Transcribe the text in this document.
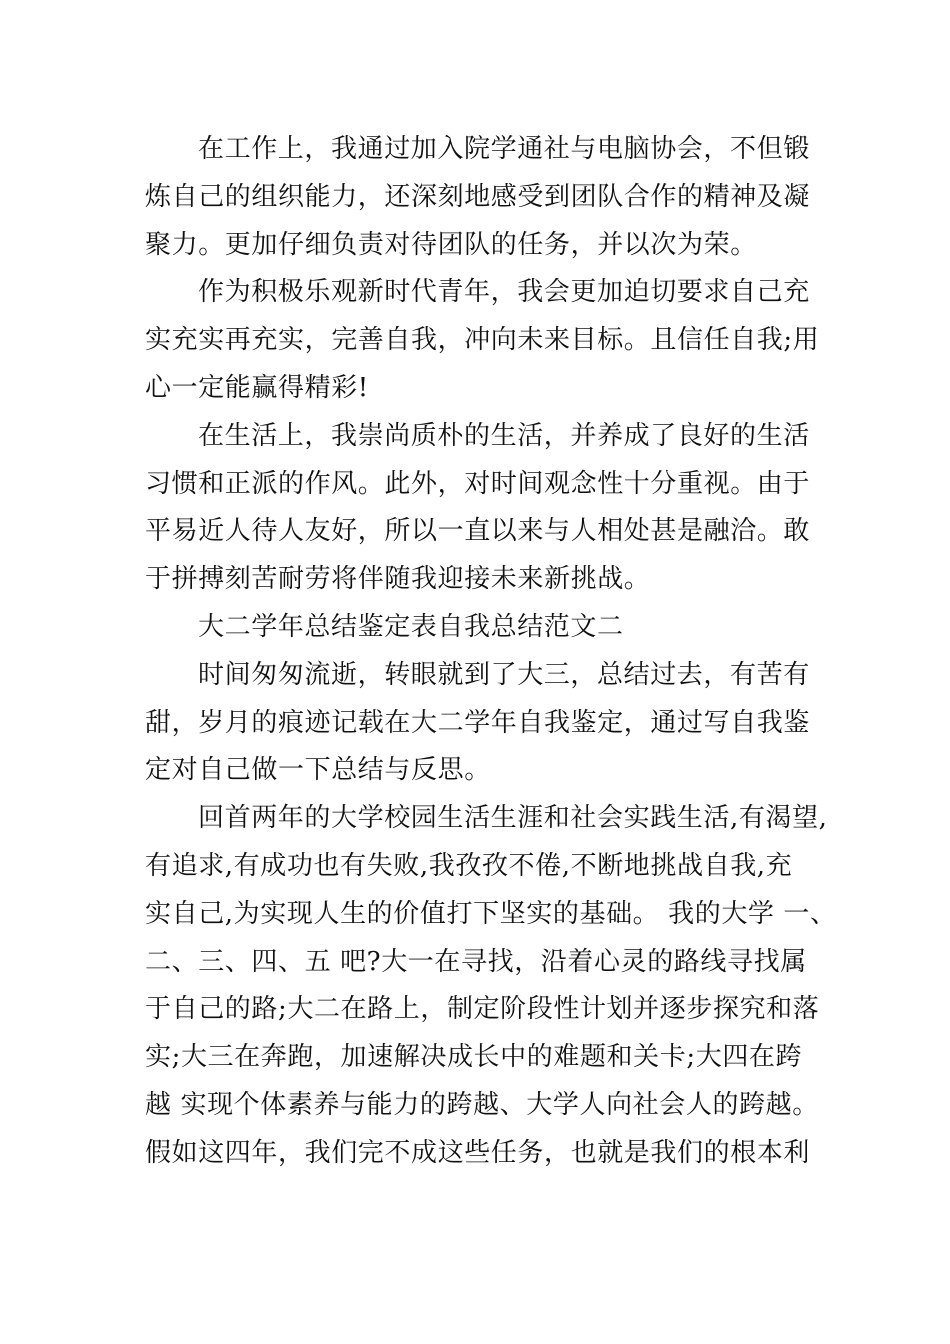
在工作上，我通过加入院学通社与电脑协会，不但锻
炼自己的组织能力，还深刻地感受到团队合作的精神及凝
聚力。更加仔细负责对待团队的任务，并以次为荣。
作为积极乐观新时代青年，我会更加迫切要求自己充
实充实再充实，完善自我，冲向未来目标。且信任自我;用
心一定能赢得精彩!
在生活上，我崇尚质朴的生活，并养成了良好的生活
习惯和正派的作风。此外，对时间观念性十分重视。由于
平易近人待人友好，所以一直以来与人相处甚是融洽。敢
于拼搏刻苦耐劳将伴随我迎接未来新挑战。
大二学年总结鉴定表自我总结范文二
时间匆匆流逝，转眼就到了大三，总结过去，有苦有
甜，岁月的痕迹记载在大二学年自我鉴定，通过写自我鉴
定对自己做一下总结与反思。
回首两年的大学校园生活生涯和社会实践生活,有渴望,
有追求,有成功也有失败,我孜孜不倦,不断地挑战自我,充
实自己,为实现人生的价值打下坚实的基础。 我的大学 一、
二、三、四、五 吧?大一在寻找，沿着心灵的路线寻找属
于自己的路;大二在路上，制定阶段性计划并逐步探究和落
实;大三在奔跑，加速解决成长中的难题和关卡;大四在跨
越 实现个体素养与能力的跨越、大学人向社会人的跨越。
假如这四年，我们完不成这些任务，也就是我们的根本利
